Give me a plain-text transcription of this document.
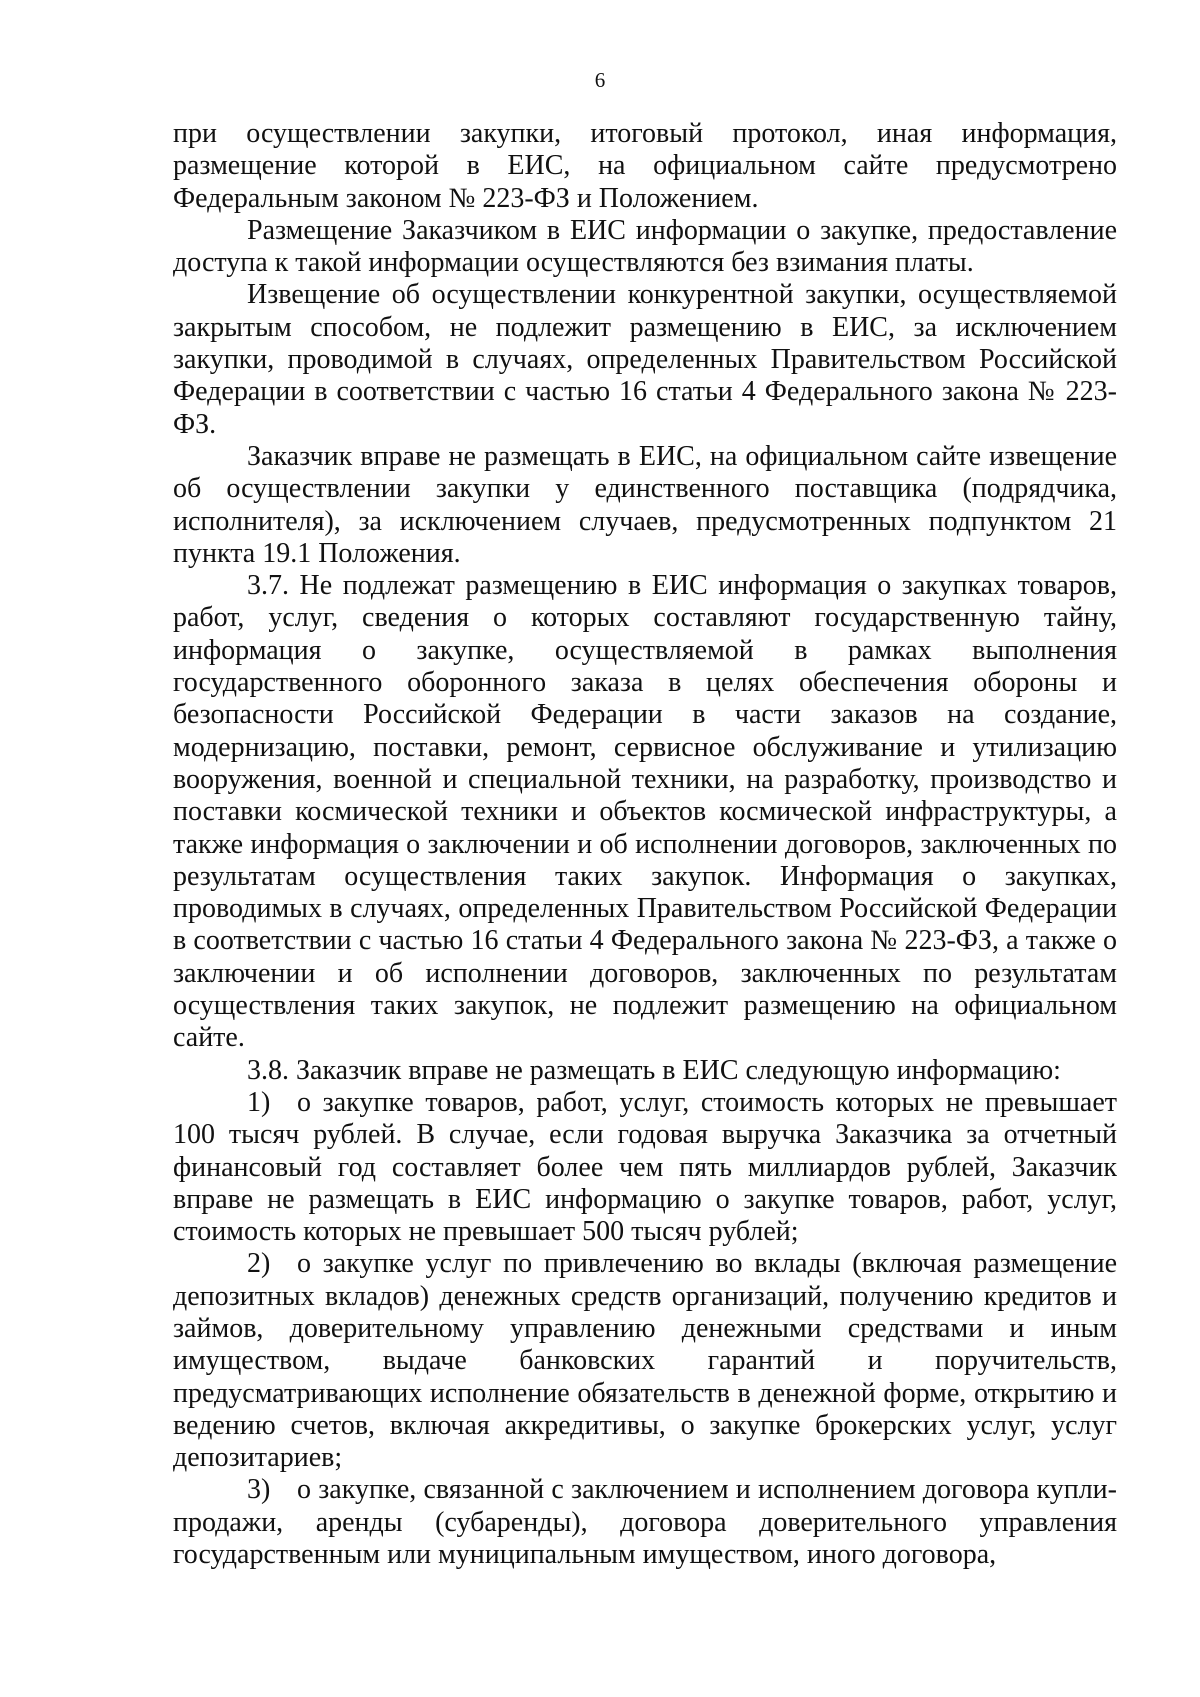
6

при осуществлении закупки, итоговый протокол, иная информация, размещение которой в ЕИС, на официальном сайте предусмотрено Федеральным законом № 223-ФЗ и Положением.

Размещение Заказчиком в ЕИС информации о закупке, предоставление доступа к такой информации осуществляются без взимания платы.

Извещение об осуществлении конкурентной закупки, осуществляемой закрытым способом, не подлежит размещению в ЕИС, за исключением закупки, проводимой в случаях, определенных Правительством Российской Федерации в соответствии с частью 16 статьи 4 Федерального закона № 223-ФЗ.

Заказчик вправе не размещать в ЕИС, на официальном сайте извещение об осуществлении закупки у единственного поставщика (подрядчика, исполнителя), за исключением случаев, предусмотренных подпунктом 21 пункта 19.1 Положения.

3.7. Не подлежат размещению в ЕИС информация о закупках товаров, работ, услуг, сведения о которых составляют государственную тайну, информация о закупке, осуществляемой в рамках выполнения государственного оборонного заказа в целях обеспечения обороны и безопасности Российской Федерации в части заказов на создание, модернизацию, поставки, ремонт, сервисное обслуживание и утилизацию вооружения, военной и специальной техники, на разработку, производство и поставки космической техники и объектов космической инфраструктуры, а также информация о заключении и об исполнении договоров, заключенных по результатам осуществления таких закупок. Информация о закупках, проводимых в случаях, определенных Правительством Российской Федерации в соответствии с частью 16 статьи 4 Федерального закона № 223-ФЗ, а также о заключении и об исполнении договоров, заключенных по результатам осуществления таких закупок, не подлежит размещению на официальном сайте.

3.8. Заказчик вправе не размещать в ЕИС следующую информацию:

1) о закупке товаров, работ, услуг, стоимость которых не превышает 100 тысяч рублей. В случае, если годовая выручка Заказчика за отчетный финансовый год составляет более чем пять миллиардов рублей, Заказчик вправе не размещать в ЕИС информацию о закупке товаров, работ, услуг, стоимость которых не превышает 500 тысяч рублей;

2) о закупке услуг по привлечению во вклады (включая размещение депозитных вкладов) денежных средств организаций, получению кредитов и займов, доверительному управлению денежными средствами и иным имуществом, выдаче банковских гарантий и поручительств, предусматривающих исполнение обязательств в денежной форме, открытию и ведению счетов, включая аккредитивы, о закупке брокерских услуг, услуг депозитариев;

3) о закупке, связанной с заключением и исполнением договора купли-продажи, аренды (субаренды), договора доверительного управления государственным или муниципальным имуществом, иного договора,
